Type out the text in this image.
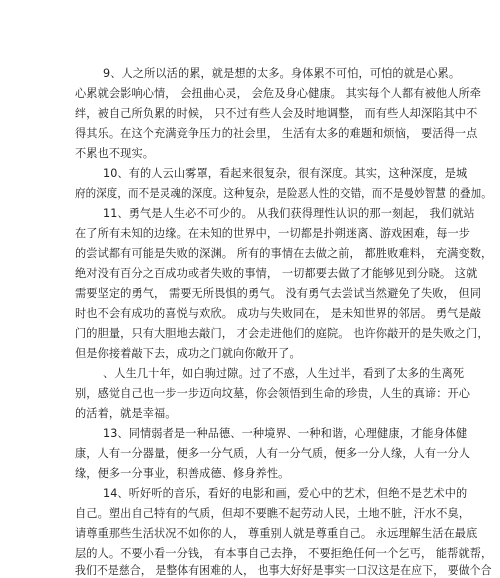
9、人之所以活的累，就是想的太多。身体累不可怕，可怕的就是心累。
心累就会影响心情， 会扭曲心灵， 会危及身心健康。 其实每个人都有被他人所牵
绊，被自己所负累的时候， 只不过有些人会及时地调整， 而有些人却深陷其中不
得其乐。在这个充满竞争压力的社会里， 生活有太多的难题和烦恼， 要活得一点
不累也不现实。
10、有的人云山雾罩，看起来很复杂，很有深度。其实，这种深度，是城
府的深度，而不是灵魂的深度。这种复杂，是险恶人性的交错，而不是曼妙智慧 的叠加。
11、勇气是人生必不可少的。 从我们获得理性认识的那一刻起， 我们就站
在了所有未知的边缘。在未知的世界中，一切都是扑朔迷离、游戏困难，每一步
的尝试都有可能是失败的深渊。 所有的事情在去做之前， 都胜败难料， 充满变数，
绝对没有百分之百成功或者失败的事情， 一切都要去做了才能够见到分晓。 这就
需要坚定的勇气， 需要无所畏惧的勇气。 没有勇气去尝试当然避免了失败， 但同
时也不会有成功的喜悦与欢欣。 成功与失败同在， 是未知世界的邻居。 勇气是敲
门的胆量，只有大胆地去敲门， 才会走进他们的庭院。 也许你敲开的是失败之门，
但是你接着敲下去，成功之门就向你敞开了。
、人生几十年，如白驹过隙。过了不惑，人生过半，看到了太多的生离死
别，感觉自己也一步一步迈向坟墓，你会领悟到生命的珍贵，人生的真谛：开心
的活着，就是幸福。
13、同情弱者是一种品德、一种境界、一种和谐，心理健康，才能身体健
康，人有一分器量，便多一分气质，人有一分气质，便多一分人缘，人有一分人
缘，便多一分事业，积善成德、修身养性。
14、听好听的音乐，看好的电影和画，爱心中的艺术，但绝不是艺术中的
自己。塑出自己特有的气质，但却不要瞧不起劳动人民，土地不脏，汗水不臭，
请尊重那些生活状况不如你的人， 尊重别人就是尊重自己。 永远理解生活在最底
层的人。不要小看一分钱， 有本事自己去挣， 不要拒绝任何一个乞丐， 能帮就帮，
我们不是慈合， 是整体有困难的人， 也事大好好是事实一口汉这是在应下， 要做个合
